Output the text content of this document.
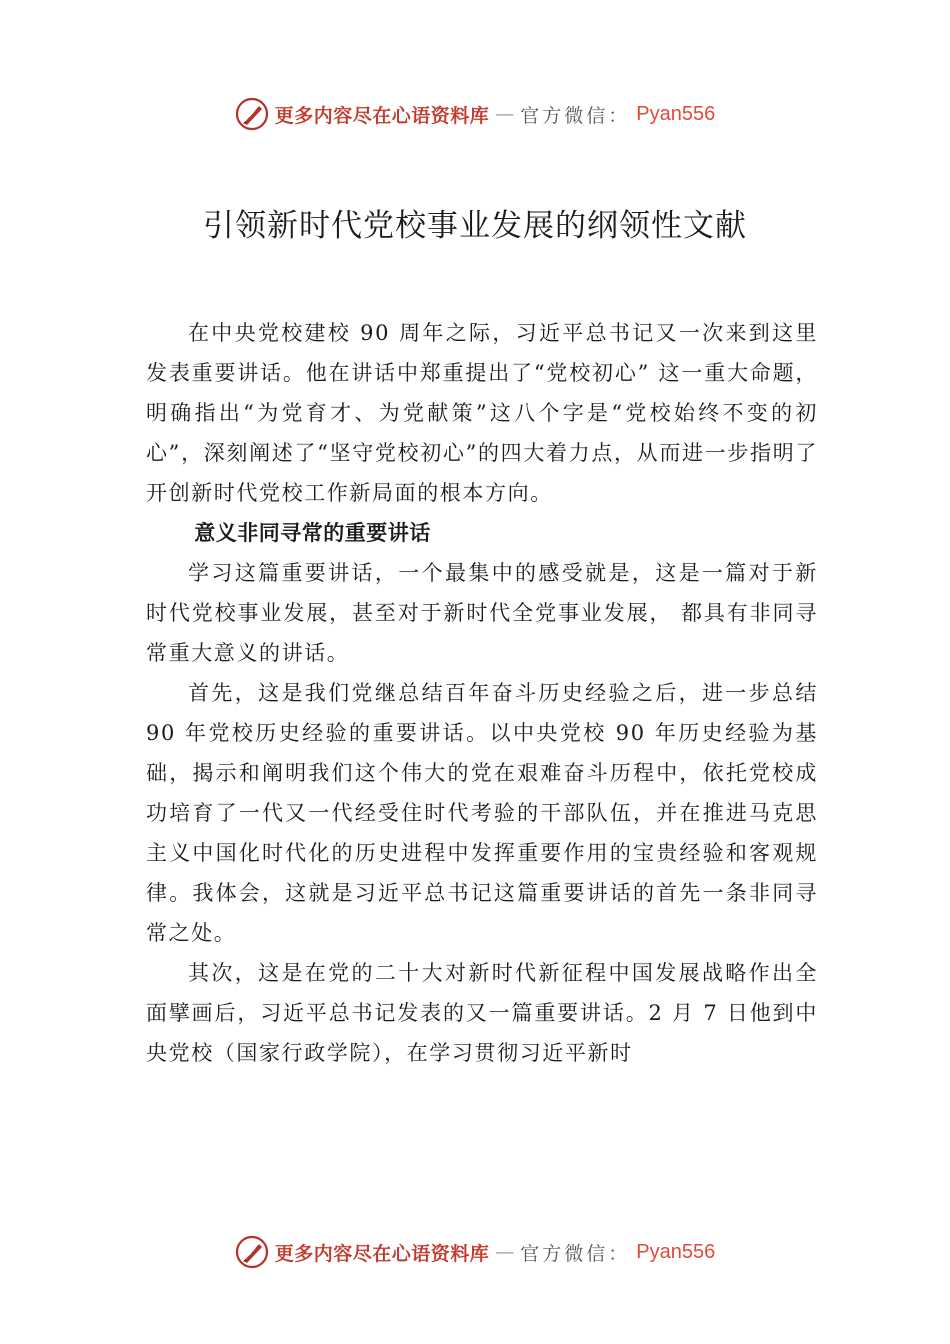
更多内容尽在心语资料库 — 官方微信： Pyan556
引领新时代党校事业发展的纲领性文献

在中央党校建校 90 周年之际，习近平总书记又一次来到这里发表重要讲话。他在讲话中郑重提出了“党校初心” 这一重大命题，明确指出“为党育才、为党献策”这八个字是“党校始终不变的初心”，深刻阐述了“坚守党校初心”的四大着力点，从而进一步指明了开创新时代党校工作新局面的根本方向。

意义非同寻常的重要讲话

学习这篇重要讲话，一个最集中的感受就是，这是一篇对于新时代党校事业发展，甚至对于新时代全党事业发展， 都具有非同寻常重大意义的讲话。

首先，这是我们党继总结百年奋斗历史经验之后，进一步总结 90 年党校历史经验的重要讲话。以中央党校 90 年历史经验为基础，揭示和阐明我们这个伟大的党在艰难奋斗历程中，依托党校成功培育了一代又一代经受住时代考验的干部队伍，并在推进马克思主义中国化时代化的历史进程中发挥重要作用的宝贵经验和客观规律。我体会，这就是习近平总书记这篇重要讲话的首先一条非同寻常之处。

其次，这是在党的二十大对新时代新征程中国发展战略作出全面擘画后，习近平总书记发表的又一篇重要讲话。2 月 7 日他到中央党校（国家行政学院），在学习贯彻习近平新时

更多内容尽在心语资料库 — 官方微信： Pyan556
